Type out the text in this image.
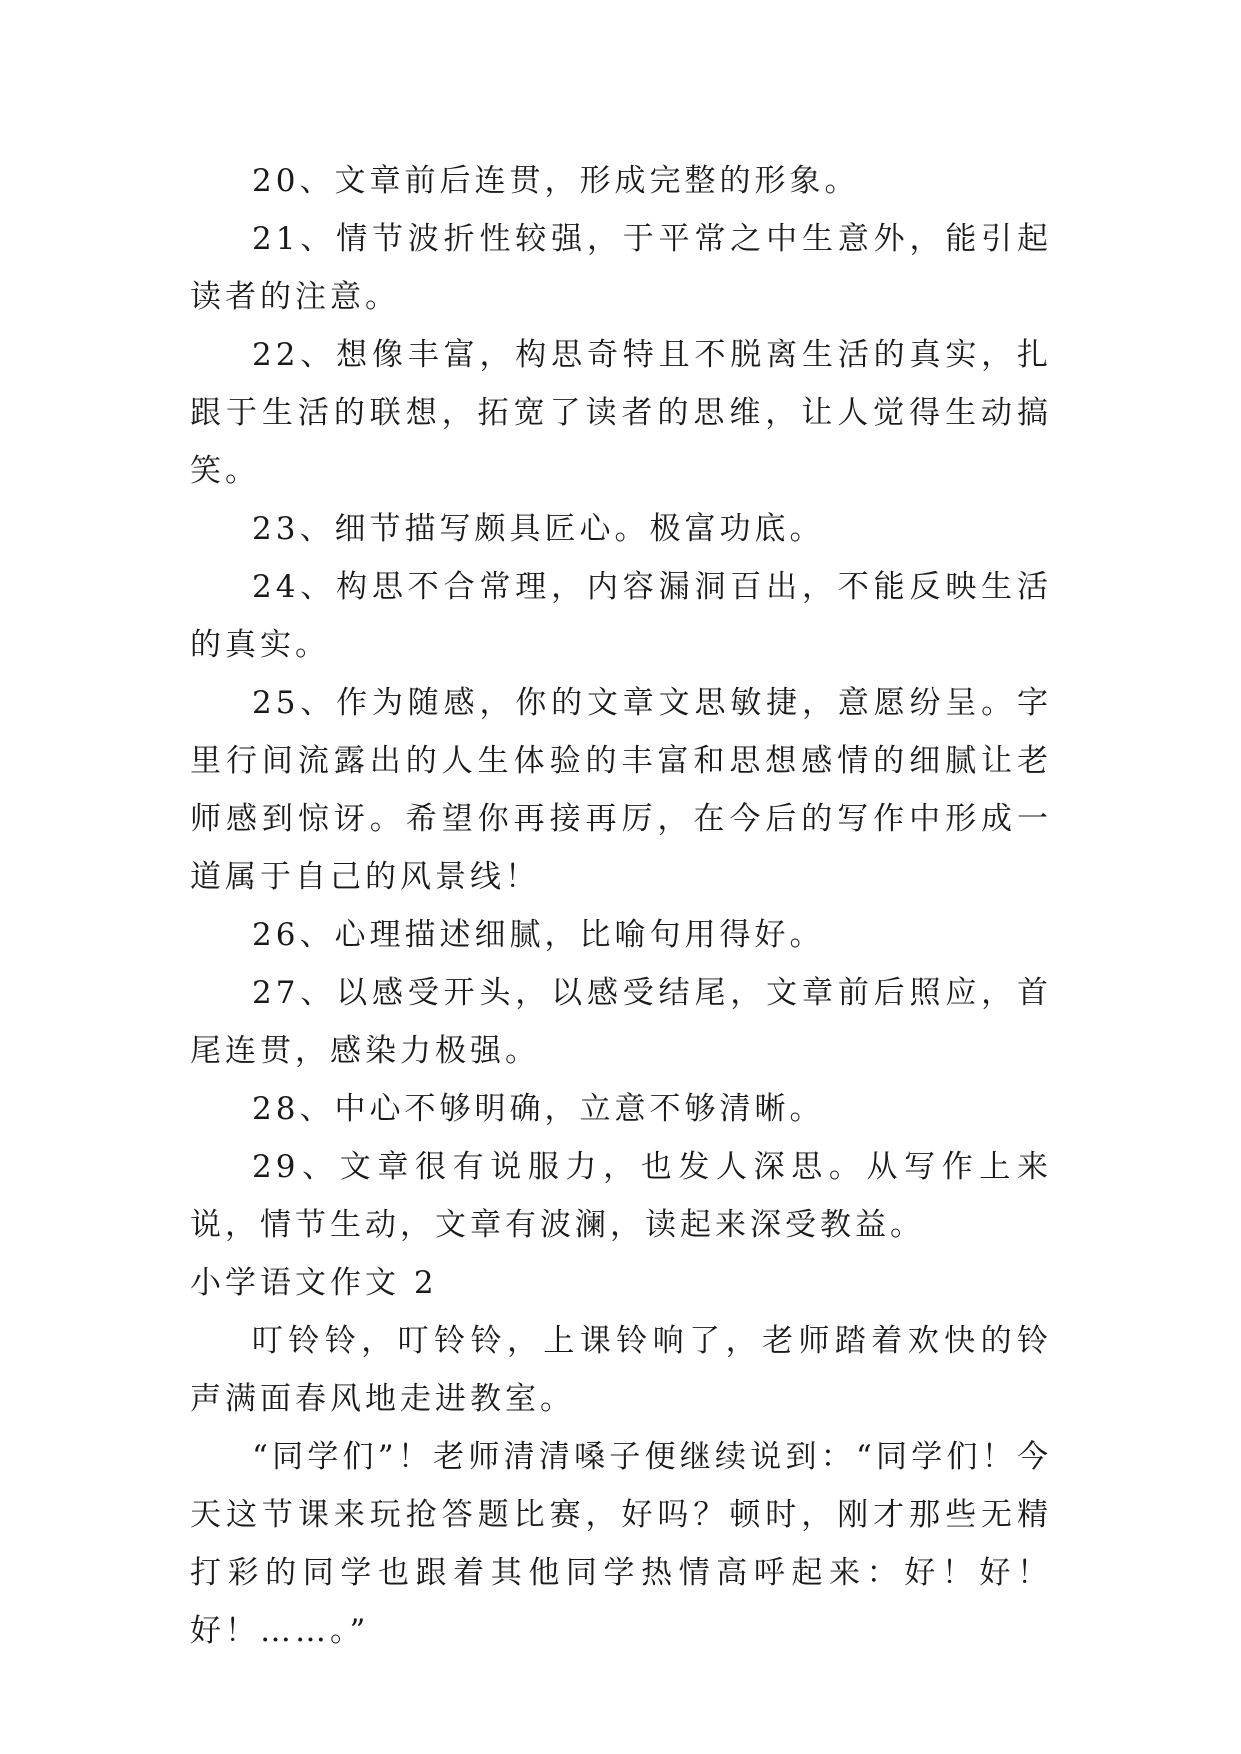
20、文章前后连贯，形成完整的形象。

21、情节波折性较强，于平常之中生意外，能引起读者的注意。

22、想像丰富，构思奇特且不脱离生活的真实，扎跟于生活的联想，拓宽了读者的思维，让人觉得生动搞笑。

23、细节描写颇具匠心。极富功底。

24、构思不合常理，内容漏洞百出，不能反映生活的真实。

25、作为随感，你的文章文思敏捷，意愿纷呈。字里行间流露出的人生体验的丰富和思想感情的细腻让老师感到惊讶。希望你再接再厉，在今后的写作中形成一道属于自己的风景线！

26、心理描述细腻，比喻句用得好。

27、以感受开头，以感受结尾，文章前后照应，首尾连贯，感染力极强。

28、中心不够明确，立意不够清晰。

29、文章很有说服力，也发人深思。从写作上来说，情节生动，文章有波澜，读起来深受教益。

小学语文作文 2

叮铃铃，叮铃铃，上课铃响了，老师踏着欢快的铃声满面春风地走进教室。

“同学们”！老师清清嗓子便继续说到：“同学们！今天这节课来玩抢答题比赛，好吗？顿时，刚才那些无精打彩的同学也跟着其他同学热情高呼起来：好！好！好！……。”
